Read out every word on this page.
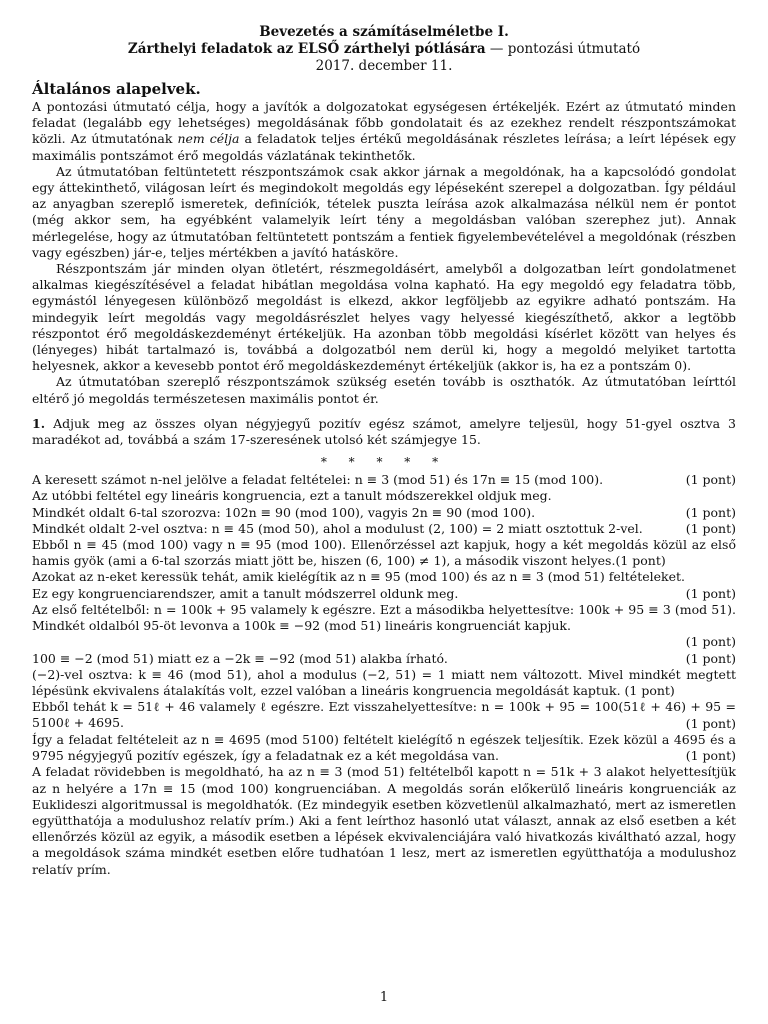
Bevezetés a számításelméletbe I.
Zárthelyi feladatok az ELSŐ zárthelyi pótlására — pontozási útmutató
2017. december 11.
Általános alapelvek.

A pontozási útmutató célja, hogy a javítók a dolgozatokat egységesen értékeljék. Ezért az útmutató minden feladat (legalább egy lehetséges) megoldásának főbb gondolatait és az ezekhez rendelt részpontszámokat közli. Az útmutatónak nem célja a feladatok teljes értékű megoldásának részletes leírása; a leírt lépések egy maximális pontszámot érő megoldás vázlatának tekinthetők.

Az útmutatóban feltüntetett részpontszámok csak akkor járnak a megoldónak, ha a kapcsolódó gondolat egy áttekinthető, világosan leírt és megindokolt megoldás egy lépéseként szerepel a dolgozatban. Így például az anyagban szereplő ismeretek, definíciók, tételek puszta leírása azok alkalmazása nélkül nem ér pontot (még akkor sem, ha egyébként valamelyik leírt tény a megoldásban valóban szerephez jut). Annak mérlegelése, hogy az útmutatóban feltüntetett pontszám a fentiek figyelembevételével a megoldónak (részben vagy egészben) jár-e, teljes mértékben a javító hatásköre.

Részpontszám jár minden olyan ötletért, részmegoldásért, amelyből a dolgozatban leírt gondolatmenet alkalmas kiegészítésével a feladat hibátlan megoldása volna kapható. Ha egy megoldó egy feladatra több, egymástól lényegesen különböző megoldást is elkezd, akkor legföljebb az egyikre adható pontszám. Ha mindegyik leírt megoldás vagy megoldásrészlet helyes vagy helyessé kiegészíthető, akkor a legtöbb részpontot érő megoldáskezdeményt értékeljük. Ha azonban több megoldási kísérlet között van helyes és (lényeges) hibát tartalmazó is, továbbá a dolgozatból nem derül ki, hogy a megoldó melyiket tartotta helyesnek, akkor a kevesebb pontot érő megoldáskezdeményt értékeljük (akkor is, ha ez a pontszám 0).

Az útmutatóban szereplő részpontszámok szükség esetén tovább is oszthatók. Az útmutatóban leírttól eltérő jó megoldás természetesen maximális pontot ér.

1. Adjuk meg az összes olyan négyjegyű pozitív egész számot, amelyre teljesül, hogy 51-gyel osztva 3 maradékot ad, továbbá a szám 17-szeresének utolsó két számjegye 15.
* * * * *
A keresett számot n-nel jelölve a feladat feltételei: n ≡ 3 (mod 51) és 17n ≡ 15 (mod 100).	(1 pont)
Az utóbbi feltétel egy lineáris kongruencia, ezt a tanult módszerekkel oldjuk meg.
Mindkét oldalt 6-tal szorozva: 102n ≡ 90 (mod 100), vagyis 2n ≡ 90 (mod 100).	(1 pont)
Mindkét oldalt 2-vel osztva: n ≡ 45 (mod 50), ahol a modulust (2, 100) = 2 miatt osztottuk 2-vel.	(1 pont)
Ebből n ≡ 45 (mod 100) vagy n ≡ 95 (mod 100). Ellenőrzéssel azt kapjuk, hogy a két megoldás közül az első hamis gyök (ami a 6-tal szorzás miatt jött be, hiszen (6, 100) ≠ 1), a második viszont helyes.(1 pont)
Azokat az n-eket keressük tehát, amik kielégítik az n ≡ 95 (mod 100) és az n ≡ 3 (mod 51) feltételeket.
Ez egy kongruenciarendszer, amit a tanult módszerrel oldunk meg.	(1 pont)
Az első feltételből: n = 100k + 95 valamely k egészre. Ezt a másodikba helyettesítve: 100k + 95 ≡ 3 (mod 51). Mindkét oldalból 95-öt levonva a 100k ≡ −92 (mod 51) lineáris kongruenciát kapjuk.
(1 pont)
100 ≡ −2 (mod 51) miatt ez a −2k ≡ −92 (mod 51) alakba írható.	(1 pont)
(−2)-vel osztva: k ≡ 46 (mod 51), ahol a modulus (−2, 51) = 1 miatt nem változott. Mivel mindkét megtett lépésünk ekvivalens átalakítás volt, ezzel valóban a lineáris kongruencia megoldását kaptuk. (1 pont)
Ebből tehát k = 51ℓ + 46 valamely ℓ egészre. Ezt visszahelyettesítve: n = 100k + 95 = 100(51ℓ + 46) + 95 = 5100ℓ + 4695.	(1 pont)
Így a feladat feltételeit az n ≡ 4695 (mod 5100) feltételt kielégítő n egészek teljesítik. Ezek közül a 4695 és a 9795 négyjegyű pozitív egészek, így a feladatnak ez a két megoldása van.	(1 pont)
A feladat rövidebben is megoldható, ha az n ≡ 3 (mod 51) feltételből kapott n = 51k + 3 alakot helyettesítjük az n helyére a 17n ≡ 15 (mod 100) kongruenciában. A megoldás során előkerülő lineáris kongruenciák az Euklideszi algoritmussal is megoldhatók. (Ez mindegyik esetben közvetlenül alkalmazható, mert az ismeretlen együtthatója a modulushoz relatív prím.) Aki a fent leírthoz hasonló utat választ, annak az első esetben a két ellenőrzés közül az egyik, a második esetben a lépések ekvivalenciájára való hivatkozás kiváltható azzal, hogy a megoldások száma mindkét esetben előre tudhatóan 1 lesz, mert az ismeretlen együtthatója a modulushoz relatív prím.
1
